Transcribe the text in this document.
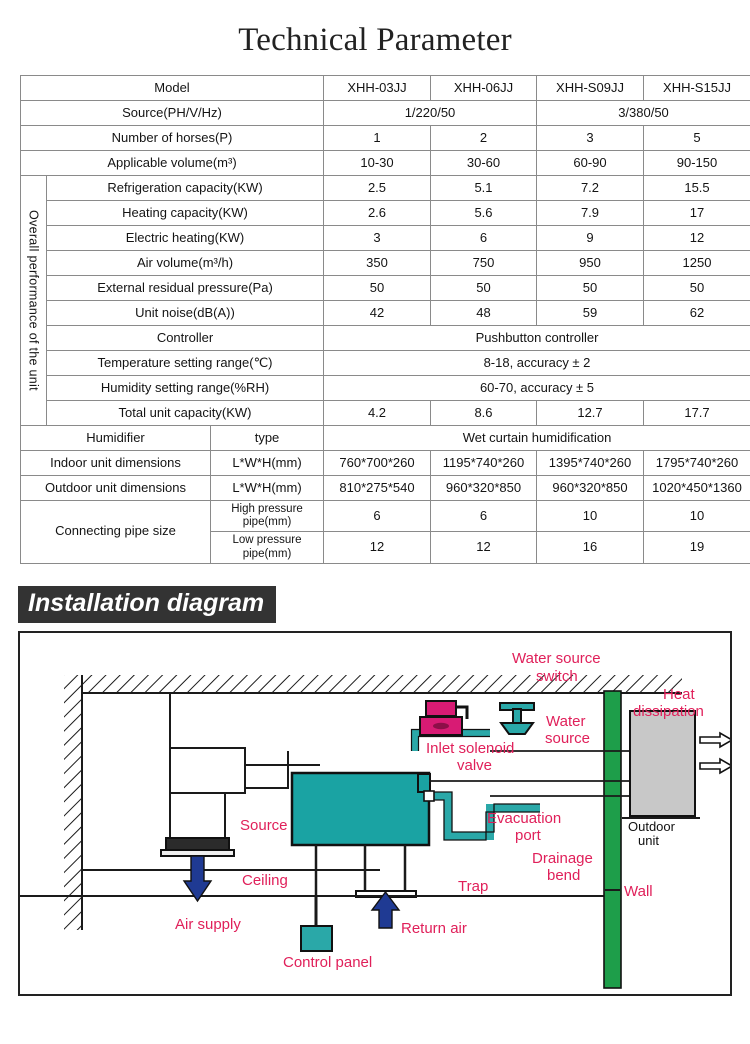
Technical Parameter
Model			XHH-03JJ	XHH-06JJ	XHH-S09JJ	XHH-S15JJ
Source(PH/V/Hz)			1/220/50		3/380/50	
Number of horses(P)			1	2	3	5
Applicable volume(m³)			10-30	30-60	60-90	90-150

Overall performance of the unit	Refrigeration capacity(KW)		2.5	5.1	7.2	15.5
	Heating capacity(KW)		2.6	5.6	7.9	17
	Electric heating(KW)		3	6	9	12
	Air volume(m³/h)		350	750	950	1250
	External residual pressure(Pa)		50	50	50	50
	Unit noise(dB(A))		42	48	59	62
	Controller		Pushbutton controller			
	Temperature setting range(℃)		8-18, accuracy ± 2			
	Humidity setting range(%RH)		60-70, accuracy ± 5			
	Total unit capacity(KW)		4.2	8.6	12.7	17.7
Humidifier		type	Wet curtain humidification			
Indoor unit dimensions		L*W*H(mm)	760*700*260	1195*740*260	1395*740*260	1795*740*260
Outdoor unit dimensions		L*W*H(mm)	810*275*540	960*320*850	960*320*850	1020*450*1360
Connecting pipe size		High pressure pipe(mm)	6	6	10	10
		Low pressure pipe(mm)	12	12	16	19
Installation diagram
Water source switch
Water source
Inlet solenoid valve
Heat dissipation
Outdoor unit
Source
Ceiling
Air supply
Control panel
Return air
Trap
Evacuation port
Drainage bend
Wall
